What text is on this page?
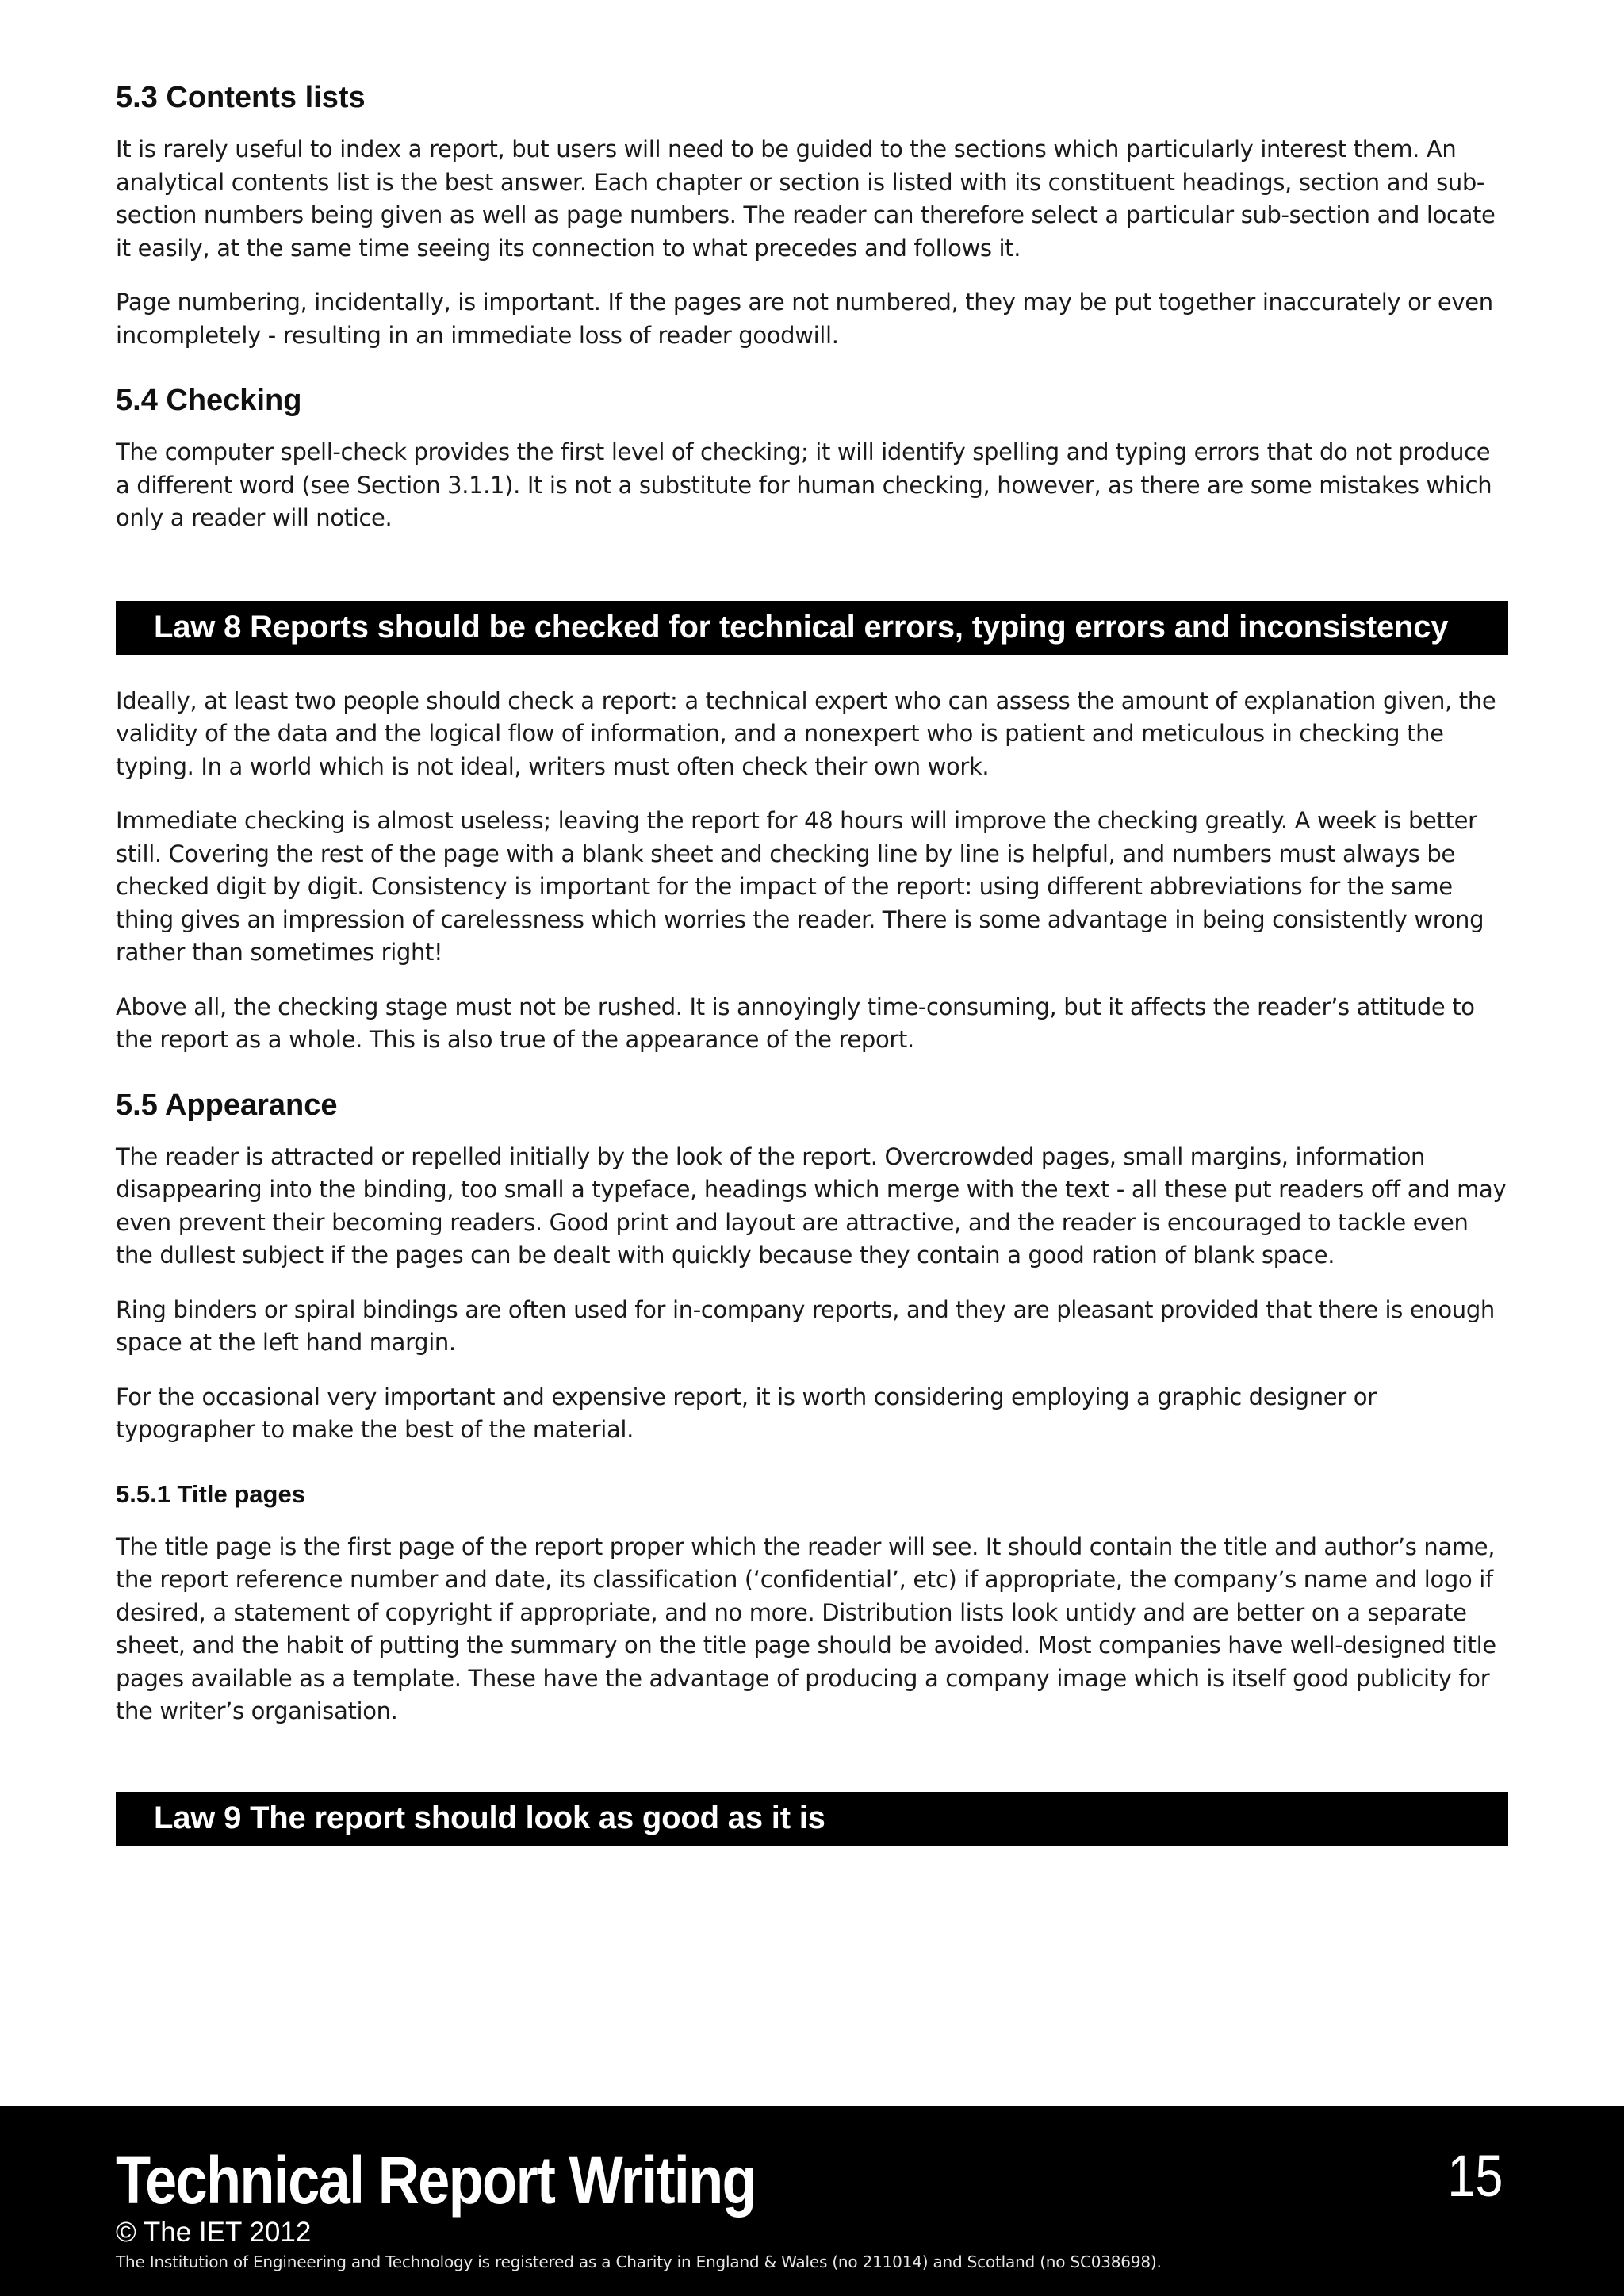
5.3 Contents lists

It is rarely useful to index a report, but users will need to be guided to the sections which particularly interest them. An analytical contents list is the best answer. Each chapter or section is listed with its constituent headings, section and sub-section numbers being given as well as page numbers. The reader can therefore select a particular sub-section and locate it easily, at the same time seeing its connection to what precedes and follows it.

Page numbering, incidentally, is important. If the pages are not numbered, they may be put together inaccurately or even incompletely - resulting in an immediate loss of reader goodwill.

5.4 Checking

The computer spell-check provides the first level of checking; it will identify spelling and typing errors that do not produce a different word (see Section 3.1.1). It is not a substitute for human checking, however, as there are some mistakes which only a reader will notice.

Law 8 Reports should be checked for technical errors, typing errors and inconsistency

Ideally, at least two people should check a report: a technical expert who can assess the amount of explanation given, the validity of the data and the logical flow of information, and a nonexpert who is patient and meticulous in checking the typing. In a world which is not ideal, writers must often check their own work.

Immediate checking is almost useless; leaving the report for 48 hours will improve the checking greatly. A week is better still. Covering the rest of the page with a blank sheet and checking line by line is helpful, and numbers must always be checked digit by digit. Consistency is important for the impact of the report: using different abbreviations for the same thing gives an impression of carelessness which worries the reader. There is some advantage in being consistently wrong rather than sometimes right!

Above all, the checking stage must not be rushed. It is annoyingly time-consuming, but it affects the reader’s attitude to the report as a whole. This is also true of the appearance of the report.

5.5 Appearance

The reader is attracted or repelled initially by the look of the report. Overcrowded pages, small margins, information disappearing into the binding, too small a typeface, headings which merge with the text - all these put readers off and may even prevent their becoming readers. Good print and layout are attractive, and the reader is encouraged to tackle even the dullest subject if the pages can be dealt with quickly because they contain a good ration of blank space.

Ring binders or spiral bindings are often used for in-company reports, and they are pleasant provided that there is enough space at the left hand margin.

For the occasional very important and expensive report, it is worth considering employing a graphic designer or typographer to make the best of the material.

5.5.1 Title pages

The title page is the first page of the report proper which the reader will see. It should contain the title and author’s name, the report reference number and date, its classification (‘confidential’, etc) if appropriate, the company’s name and logo if desired, a statement of copyright if appropriate, and no more. Distribution lists look untidy and are better on a separate sheet, and the habit of putting the summary on the title page should be avoided. Most companies have well-designed title pages available as a template. These have the advantage of producing a company image which is itself good publicity for the writer’s organisation.

Law 9 The report should look as good as it is
Technical Report Writing	15
© The IET 2012
The Institution of Engineering and Technology is registered as a Charity in England & Wales (no 211014) and Scotland (no SC038698).
